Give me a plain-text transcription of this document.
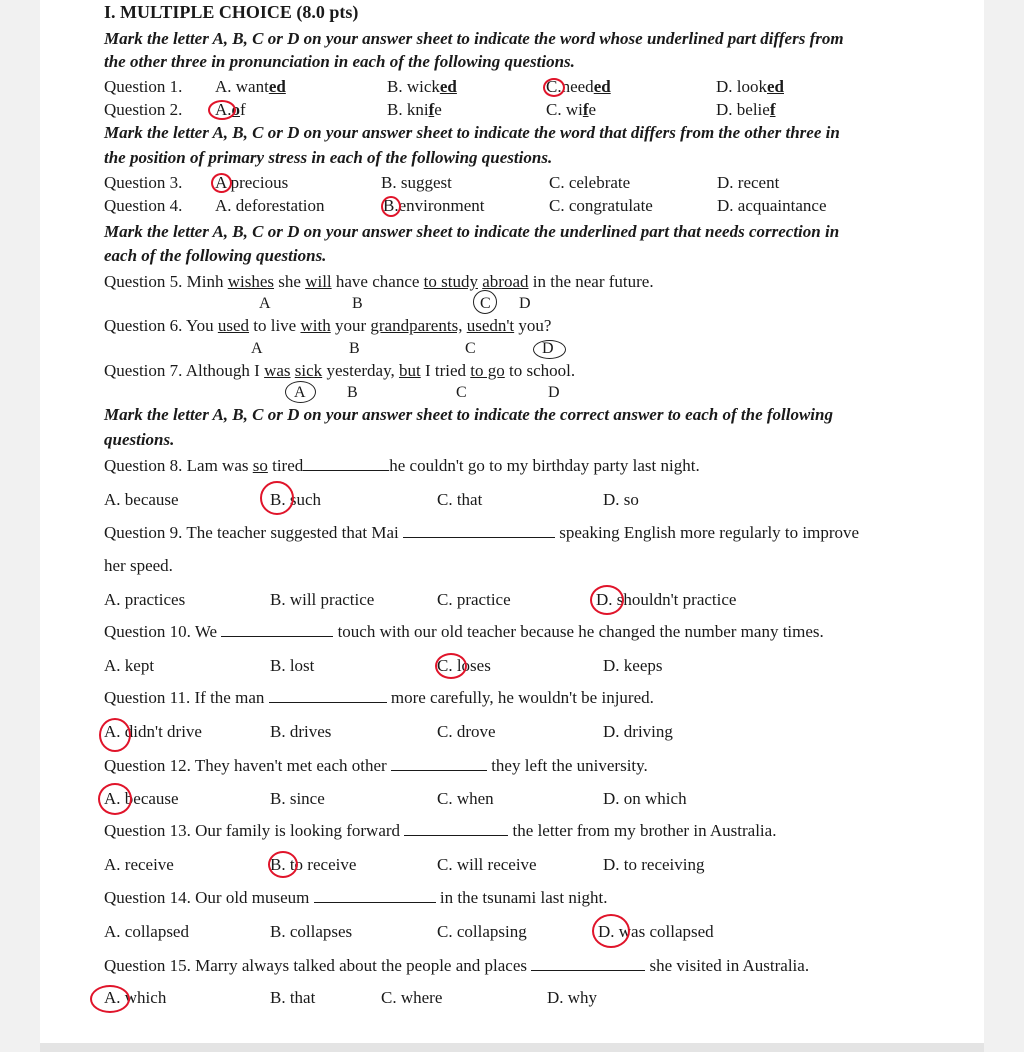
I. MULTIPLE CHOICE (8.0 pts)
Mark the letter A, B, C or D on your answer sheet to indicate the word whose underlined part differs from
the other three in pronunciation in each of the following questions.
Question 1. A. wanted	B. wicked	C.needed	D. looked
Question 2. A.of	B. knife	C. wife	D. belief
Mark the letter A, B, C or D on your answer sheet to indicate the word that differs from the other three in
the position of primary stress in each of the following questions.
Question 3. A precious	B. suggest	C. celebrate	D. recent
Question 4. A. deforestation	B.environment	C. congratulate	D. acquaintance
Mark the letter A, B, C or D on your answer sheet to indicate the underlined part that needs correction in
each of the following questions.
Question 5. Minh wishes she will have chance to study abroad in the near future.
A	B	C D
Question 6. You used to live with your grandparents, usedn't you?
A	B	C	D
Question 7. Although I was sick yesterday, but I tried to go to school.
A	B	C	D
Mark the letter A, B, C or D on your answer sheet to indicate the correct answer to each of the following
questions.
Question 8. Lam was so tired	he couldn't go to my birthday party last night.
A. because	B. such	C. that	D. so
Question 9. The teacher suggested that Mai	speaking English more regularly to improve
her speed.
A. practices	B. will practice	C. practice	D. shouldn't practice
Question 10. We	touch with our old teacher because he changed the number many times.
A. kept	B. lost	C. loses	D. keeps
Question 11. If the man	more carefully, he wouldn't be injured.
A. didn't drive	B. drives	C. drove	D. driving
Question 12. They haven't met each other	they left the university.
A. because	B. since	C. when	D. on which
Question 13. Our family is looking forward	the letter from my brother in Australia.
A. receive	B. to receive	C. will receive	D. to receiving
Question 14. Our old museum	in the tsunami last night.
A. collapsed	B. collapses	C. collapsing	D. was collapsed
Question 15. Marry always talked about the people and places	she visited in Australia.
A. which	B. that	C. where	D. why
